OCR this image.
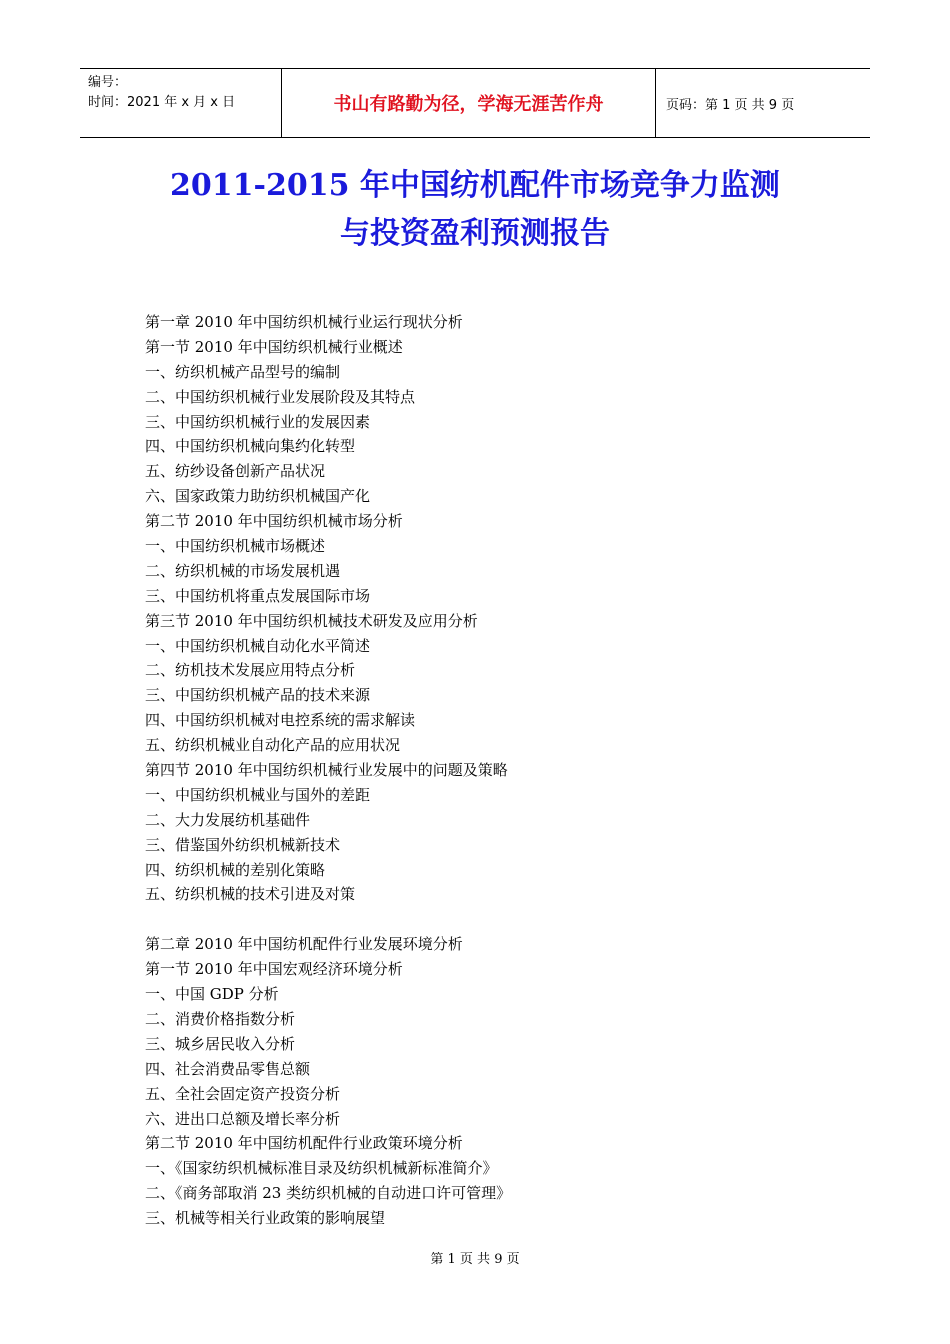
编号：
时间：2021 年 x 月 x 日	书山有路勤为径，学海无涯苦作舟	页码：第 1 页 共 9 页
2011-2015 年中国纺机配件市场竞争力监测
与投资盈利预测报告
第一章 2010 年中国纺织机械行业运行现状分析
第一节 2010 年中国纺织机械行业概述
一、纺织机械产品型号的编制
二、中国纺织机械行业发展阶段及其特点
三、中国纺织机械行业的发展因素
四、中国纺织机械向集约化转型
五、纺纱设备创新产品状况
六、国家政策力助纺织机械国产化
第二节 2010 年中国纺织机械市场分析
一、中国纺织机械市场概述
二、纺织机械的市场发展机遇
三、中国纺机将重点发展国际市场
第三节 2010 年中国纺织机械技术研发及应用分析
一、中国纺织机械自动化水平简述
二、纺机技术发展应用特点分析
三、中国纺织机械产品的技术来源
四、中国纺织机械对电控系统的需求解读
五、纺织机械业自动化产品的应用状况
第四节 2010 年中国纺织机械行业发展中的问题及策略
一、中国纺织机械业与国外的差距
二、大力发展纺机基础件
三、借鉴国外纺织机械新技术
四、纺织机械的差别化策略
五、纺织机械的技术引进及对策
第二章 2010 年中国纺机配件行业发展环境分析
第一节 2010 年中国宏观经济环境分析
一、中国 GDP 分析
二、消费价格指数分析
三、城乡居民收入分析
四、社会消费品零售总额
五、全社会固定资产投资分析
六、进出口总额及增长率分析
第二节 2010 年中国纺机配件行业政策环境分析
一、《国家纺织机械标准目录及纺织机械新标准简介》
二、《商务部取消 23 类纺织机械的自动进口许可管理》
三、机械等相关行业政策的影响展望
第 1 页 共 9 页
